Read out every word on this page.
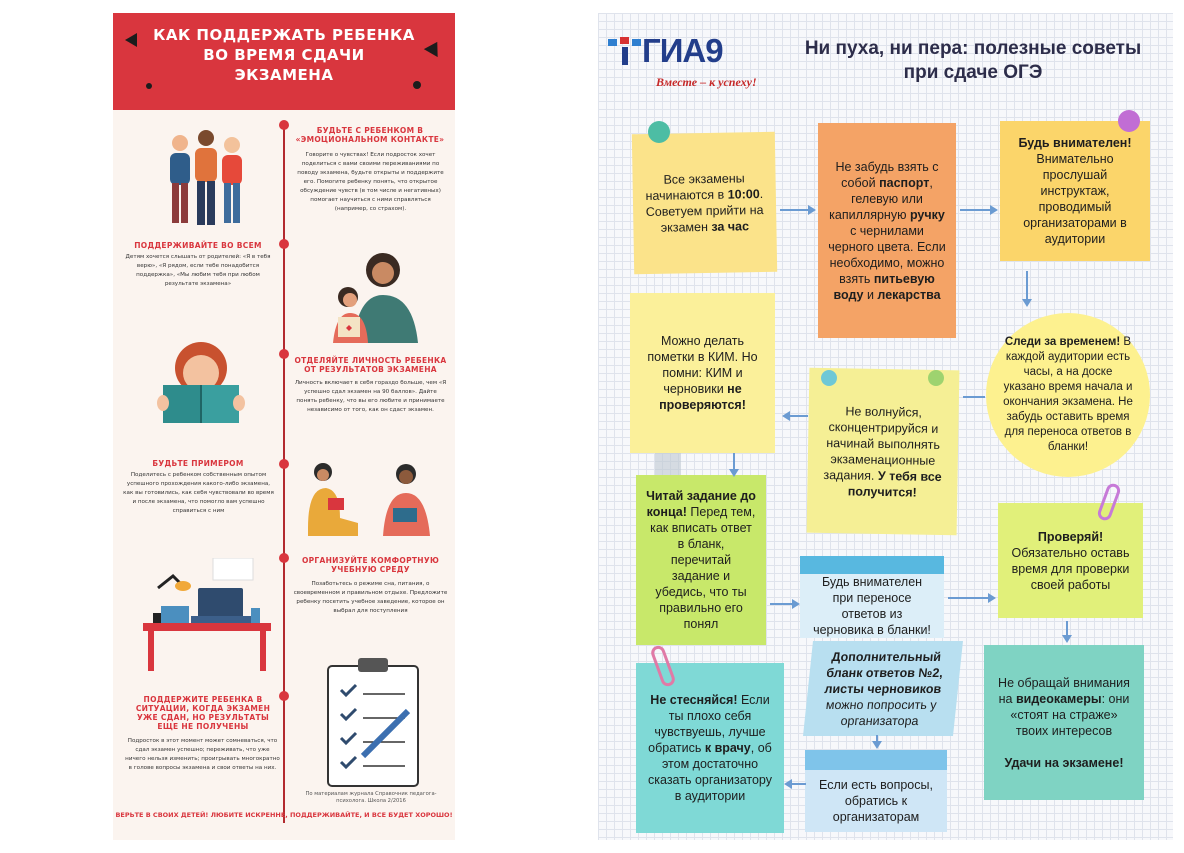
КАК ПОДДЕРЖАТЬ РЕБЕНКА ВО ВРЕМЯ СДАЧИ ЭКЗАМЕНА
БУДЬТЕ С РЕБЕНКОМ В «ЭМОЦИОНАЛЬНОМ КОНТАКТЕ»
Говорите о чувствах! Если подросток хочет поделиться с вами своими переживаниями по поводу экзамена, будьте открыты и поддержите его. Помогите ребенку понять, что открытое обсуждение чувств (в том числе и негативных) помогает научиться с ними справляться (например, со страхом).
ПОДДЕРЖИВАЙТЕ ВО ВСЕМ
Детям хочется слышать от родителей: «Я в тебя верю», «Я рядом, если тебе понадобится поддержка», «Мы любим тебя при любом результате экзамена»
ОТДЕЛЯЙТЕ ЛИЧНОСТЬ РЕБЕНКА ОТ РЕЗУЛЬТАТОВ ЭКЗАМЕНА
Личность включает в себя гораздо больше, чем «Я успешно сдал экзамен на 90 баллов». Дайте понять ребенку, что вы его любите и принимаете независимо от того, как он сдаст экзамен.
БУДЬТЕ ПРИМЕРОМ
Поделитесь с ребенком собственным опытом успешного прохождения какого-либо экзамена, как вы готовились, как себя чувствовали во время и после экзамена, что помогло вам успешно справиться с ним
ОРГАНИЗУЙТЕ КОМФОРТНУЮ УЧЕБНУЮ СРЕДУ
Позаботьтесь о режиме сна, питания, о своевременном и правильном отдыхе. Предложите ребенку посетить учебное заведение, которое он выбрал для поступления
ПОДДЕРЖИТЕ РЕБЕНКА В СИТУАЦИИ, КОГДА ЭКЗАМЕН УЖЕ СДАН, НО РЕЗУЛЬТАТЫ ЕЩЕ НЕ ПОЛУЧЕНЫ
Подросток в этот момент может сомневаться, что сдал экзамен успешно; переживать, что уже ничего нельзя изменить; проигрывать многократно в голове вопросы экзамена и свои ответы на них.
По материалам журнала Справочник педагога-психолога. Школа 2/2016
ВЕРЬТЕ В СВОИХ ДЕТЕЙ! ЛЮБИТЕ ИСКРЕННЕ, ПОДДЕРЖИВАЙТЕ, И ВСЕ БУДЕТ ХОРОШО!
ГИА9
Вместе – к успеху!
Ни пуха, ни пера: полезные советы при сдаче ОГЭ
Все экзамены начинаются в 10:00. Советуем прийти на экзамен за час
Не забудь взять с собой паспорт, гелевую или капиллярную ручку с чернилами черного цвета. Если необходимо, можно взять питьевую воду и лекарства
Будь внимателен! Внимательно прослушай инструктаж, проводимый организаторами в аудитории
Можно делать пометки в КИМ. Но помни: КИМ и черновики не проверяются!	Не волнуйся, сконцентрируйся и начинай выполнять экзаменационные задания. У тебя все получится!
Следи за временем! В каждой аудитории есть часы, а на доске указано время начала и окончания экзамена. Не забудь оставить время для переноса ответов в бланки!
Читай задание до конца! Перед тем, как вписать ответ в бланк, перечитай задание и убедись, что ты правильно его понял
Будь внимателен при переносе ответов из черновика в бланки!
Дополнительный бланк ответов №2, листы черновиков можно попросить у организатора
Проверяй! Обязательно оставь время для проверки своей работы
Не стесняйся! Если ты плохо себя чувствуешь, лучше обратись к врачу, об этом достаточно сказать организатору в аудитории
Если есть вопросы, обратись к организаторам
Не обращай внимания на видеокамеры: они «стоят на страже» твоих интересов

Удачи на экзамене!
